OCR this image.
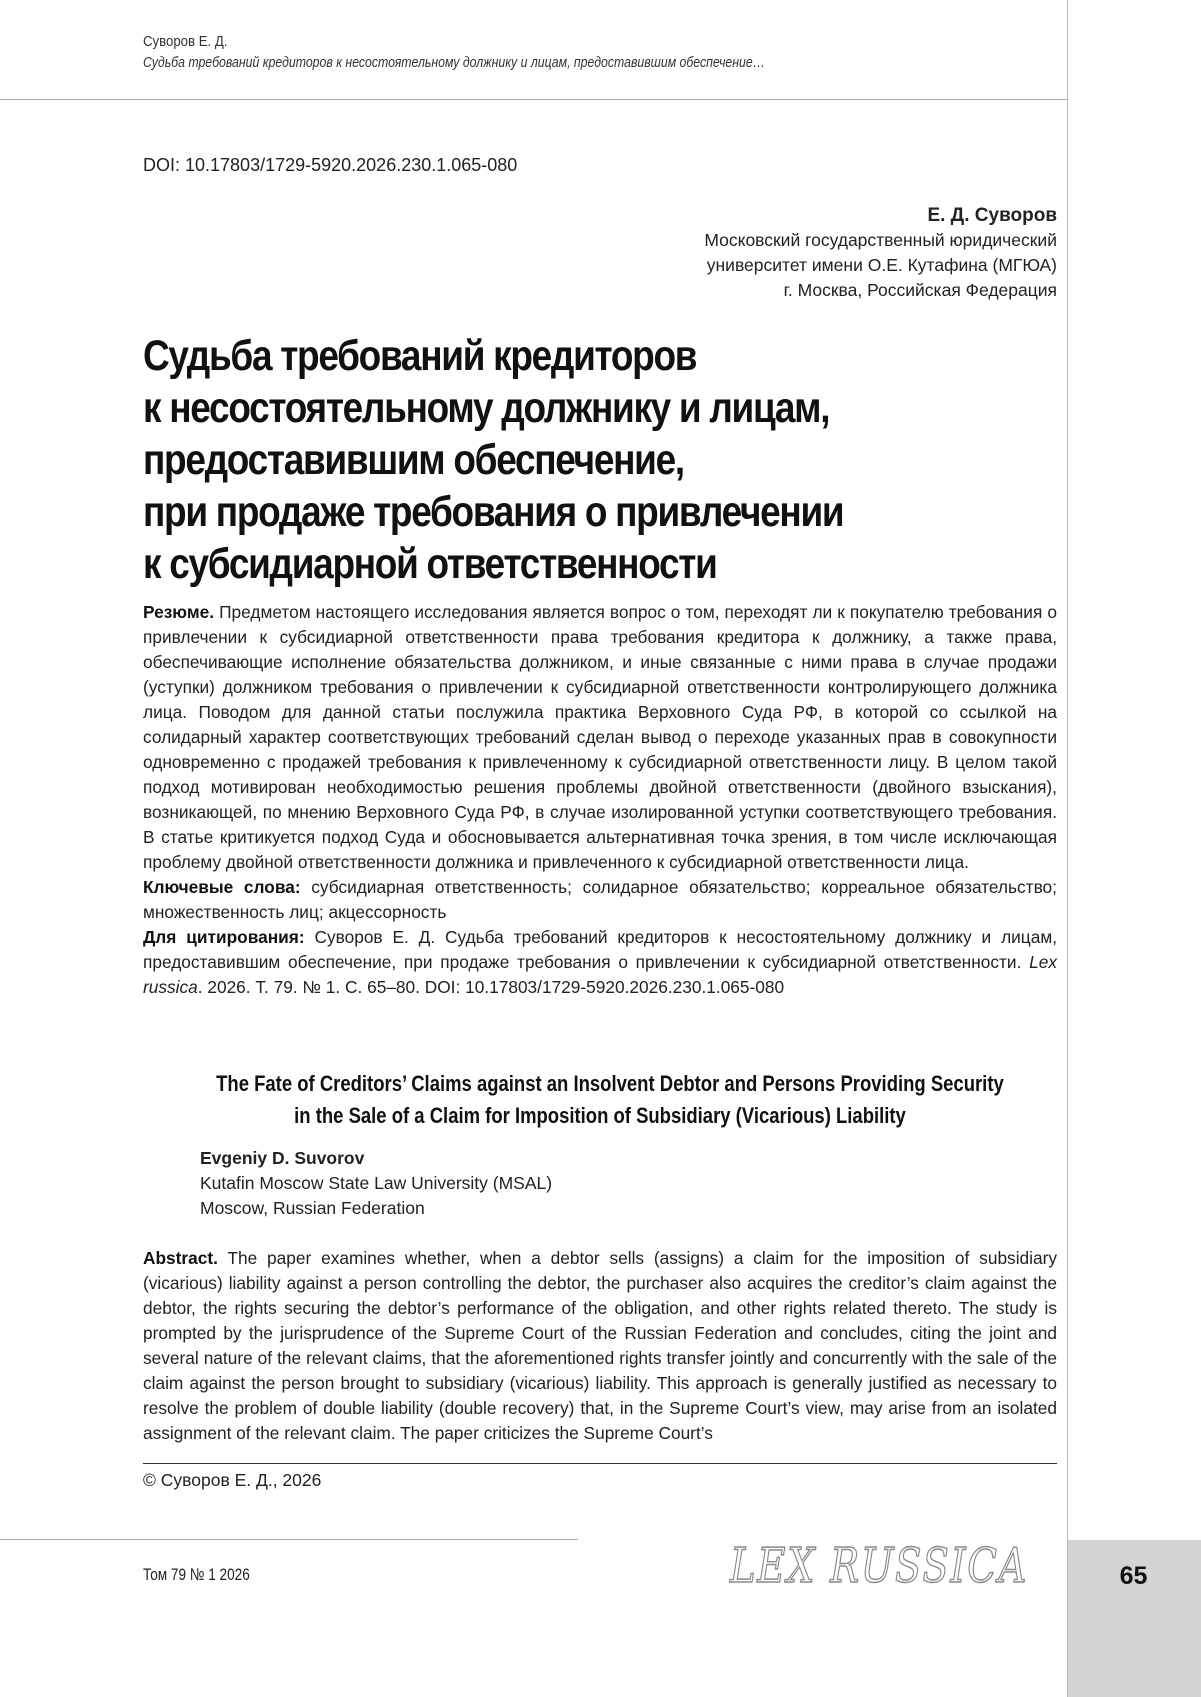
65
Суворов Е. Д.
Судьба требований кредиторов к несостоятельному должнику и лицам, предоставившим обеспечение…
DOI: 10.17803/1729-5920.2026.230.1.065-080
Е. Д. Суворов
Московский государственный юридический
университет имени О.Е. Кутафина (МГЮА)
г. Москва, Российская Федерация
Судьба требований кредиторов
к несостоятельному должнику и лицам,
предоставившим обеспечение,
при продаже требования о привлечении
к субсидиарной ответственности

Резюме. Предметом настоящего исследования является вопрос о том, переходят ли к покупателю требования о привлечении к субсидиарной ответственности права требования кредитора к должнику, а также права, обеспечивающие исполнение обязательства должником, и иные связанные с ними права в случае продажи (уступки) должником требования о привлечении к субсидиарной ответственности контролирующего должника лица. Поводом для данной статьи послужила практика Верховного Суда РФ, в которой со ссылкой на солидарный характер соответствующих требований сделан вывод о переходе указанных прав в совокупности одновременно с продажей требования к привлеченному к субсидиарной ответственности лицу. В целом такой подход мотивирован необходимостью решения проблемы двойной ответственности (двойного взыскания), возникающей, по мнению Верховного Суда РФ, в случае изолированной уступки соответствующего требования. В статье критикуется подход Суда и обосновывается альтернативная точка зрения, в том числе исключающая проблему двойной ответственности должника и привлеченного к субсидиарной ответственности лица.

Ключевые слова: субсидиарная ответственность; солидарное обязательство; корреальное обязательство; множественность лиц; акцессорность

Для цитирования: Суворов Е. Д. Судьба требований кредиторов к несостоятельному должнику и лицам, предоставившим обеспечение, при продаже требования о привлечении к субсидиарной ответственности. Lex russica. 2026. Т. 79. № 1. С. 65–80. DOI: 10.17803/1729-5920.2026.230.1.065-080

The Fate of Creditors’ Claims against an Insolvent Debtor and Persons Providing Security
in the Sale of a Claim for Imposition of Subsidiary (Vicarious) Liability
Evgeniy D. Suvorov
Kutafin Moscow State Law University (MSAL)
Moscow, Russian Federation

Abstract. The paper examines whether, when a debtor sells (assigns) a claim for the imposition of subsidiary (vicarious) liability against a person controlling the debtor, the purchaser also acquires the creditor’s claim against the debtor, the rights securing the debtor’s performance of the obligation, and other rights related thereto. The study is prompted by the jurisprudence of the Supreme Court of the Russian Federation and concludes, citing the joint and several nature of the relevant claims, that the aforementioned rights transfer jointly and concurrently with the sale of the claim against the person brought to subsidiary (vicarious) liability. This approach is generally justified as necessary to resolve the problem of double liability (double recovery) that, in the Supreme Court’s view, may arise from an isolated assignment of the relevant claim. The paper criticizes the Supreme Court’s

© Суворов Е. Д., 2026
Том 79 № 1 2026	LEX RUSSICA
